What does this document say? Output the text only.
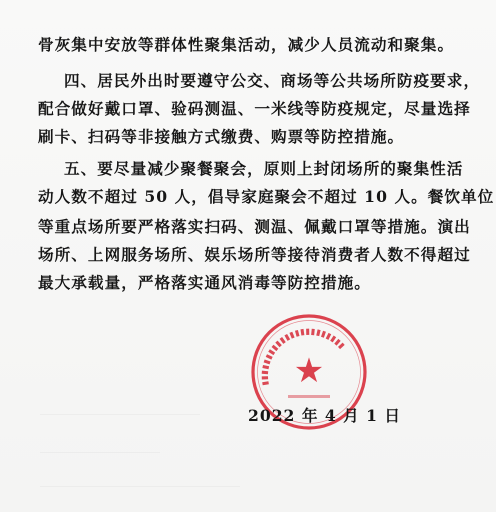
骨灰集中安放等群体性聚集活动，减少人员流动和聚集。
四、居民外出时要遵守公交、商场等公共场所防疫要求，
配合做好戴口罩、验码测温、一米线等防疫规定，尽量选择
刷卡、扫码等非接触方式缴费、购票等防控措施。
五、要尽量减少聚餐聚会，原则上封闭场所的聚集性活
动人数不超过 50 人，倡导家庭聚会不超过 10 人。餐饮单位
等重点场所要严格落实扫码、测温、佩戴口罩等措施。演出
场所、上网服务场所、娱乐场所等接待消费者人数不得超过
最大承载量，严格落实通风消毒等防控措施。
▮▮▮▮▮▮▮▮▮▮▮▮▮▮▮▮▮▮▮▮▮▮
★
2022 年 4 月 1 日
